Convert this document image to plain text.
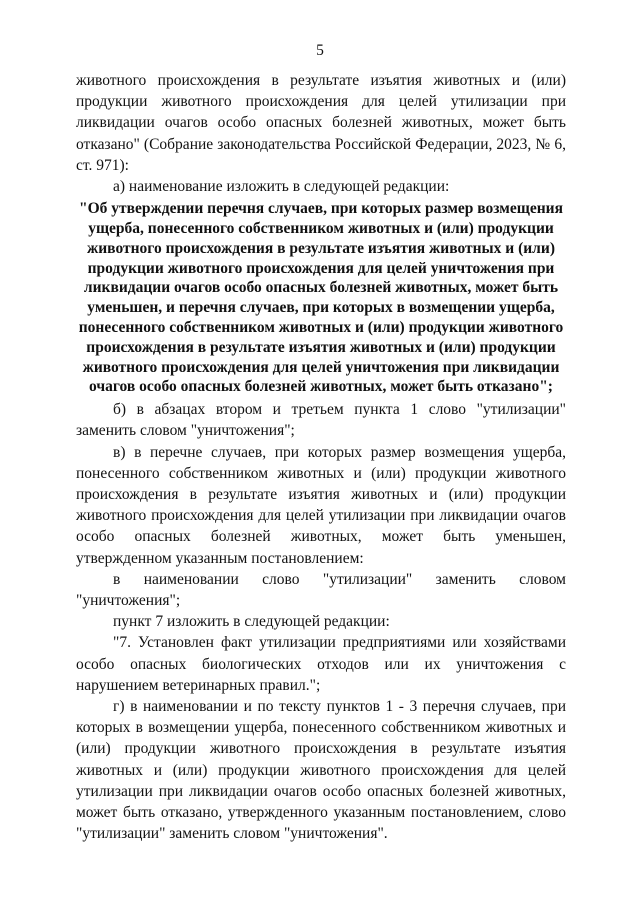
5

животного происхождения в результате изъятия животных и (или) продукции животного происхождения для целей утилизации при ликвидации очагов особо опасных болезней животных, может быть отказано" (Собрание законодательства Российской Федерации, 2023, № 6, ст. 971):

а) наименование изложить в следующей редакции:

"Об утверждении перечня случаев, при которых размер возмещения ущерба, понесенного собственником животных и (или) продукции животного происхождения в результате изъятия животных и (или) продукции животного происхождения для целей уничтожения при ликвидации очагов особо опасных болезней животных, может быть уменьшен, и перечня случаев, при которых в возмещении ущерба, понесенного собственником животных и (или) продукции животного происхождения в результате изъятия животных и (или) продукции животного происхождения для целей уничтожения при ликвидации очагов особо опасных болезней животных, может быть отказано";

б) в абзацах втором и третьем пункта 1 слово "утилизации" заменить словом "уничтожения";

в) в перечне случаев, при которых размер возмещения ущерба, понесенного собственником животных и (или) продукции животного происхождения в результате изъятия животных и (или) продукции животного происхождения для целей утилизации при ликвидации очагов особо опасных болезней животных, может быть уменьшен, утвержденном указанным постановлением:

в наименовании слово "утилизации" заменить словом "уничтожения";

пункт 7 изложить в следующей редакции:

"7. Установлен факт утилизации предприятиями или хозяйствами особо опасных биологических отходов или их уничтожения с нарушением ветеринарных правил.";

г) в наименовании и по тексту пунктов 1 - 3 перечня случаев, при которых в возмещении ущерба, понесенного собственником животных и (или) продукции животного происхождения в результате изъятия животных и (или) продукции животного происхождения для целей утилизации при ликвидации очагов особо опасных болезней животных, может быть отказано, утвержденного указанным постановлением, слово "утилизации" заменить словом "уничтожения".
